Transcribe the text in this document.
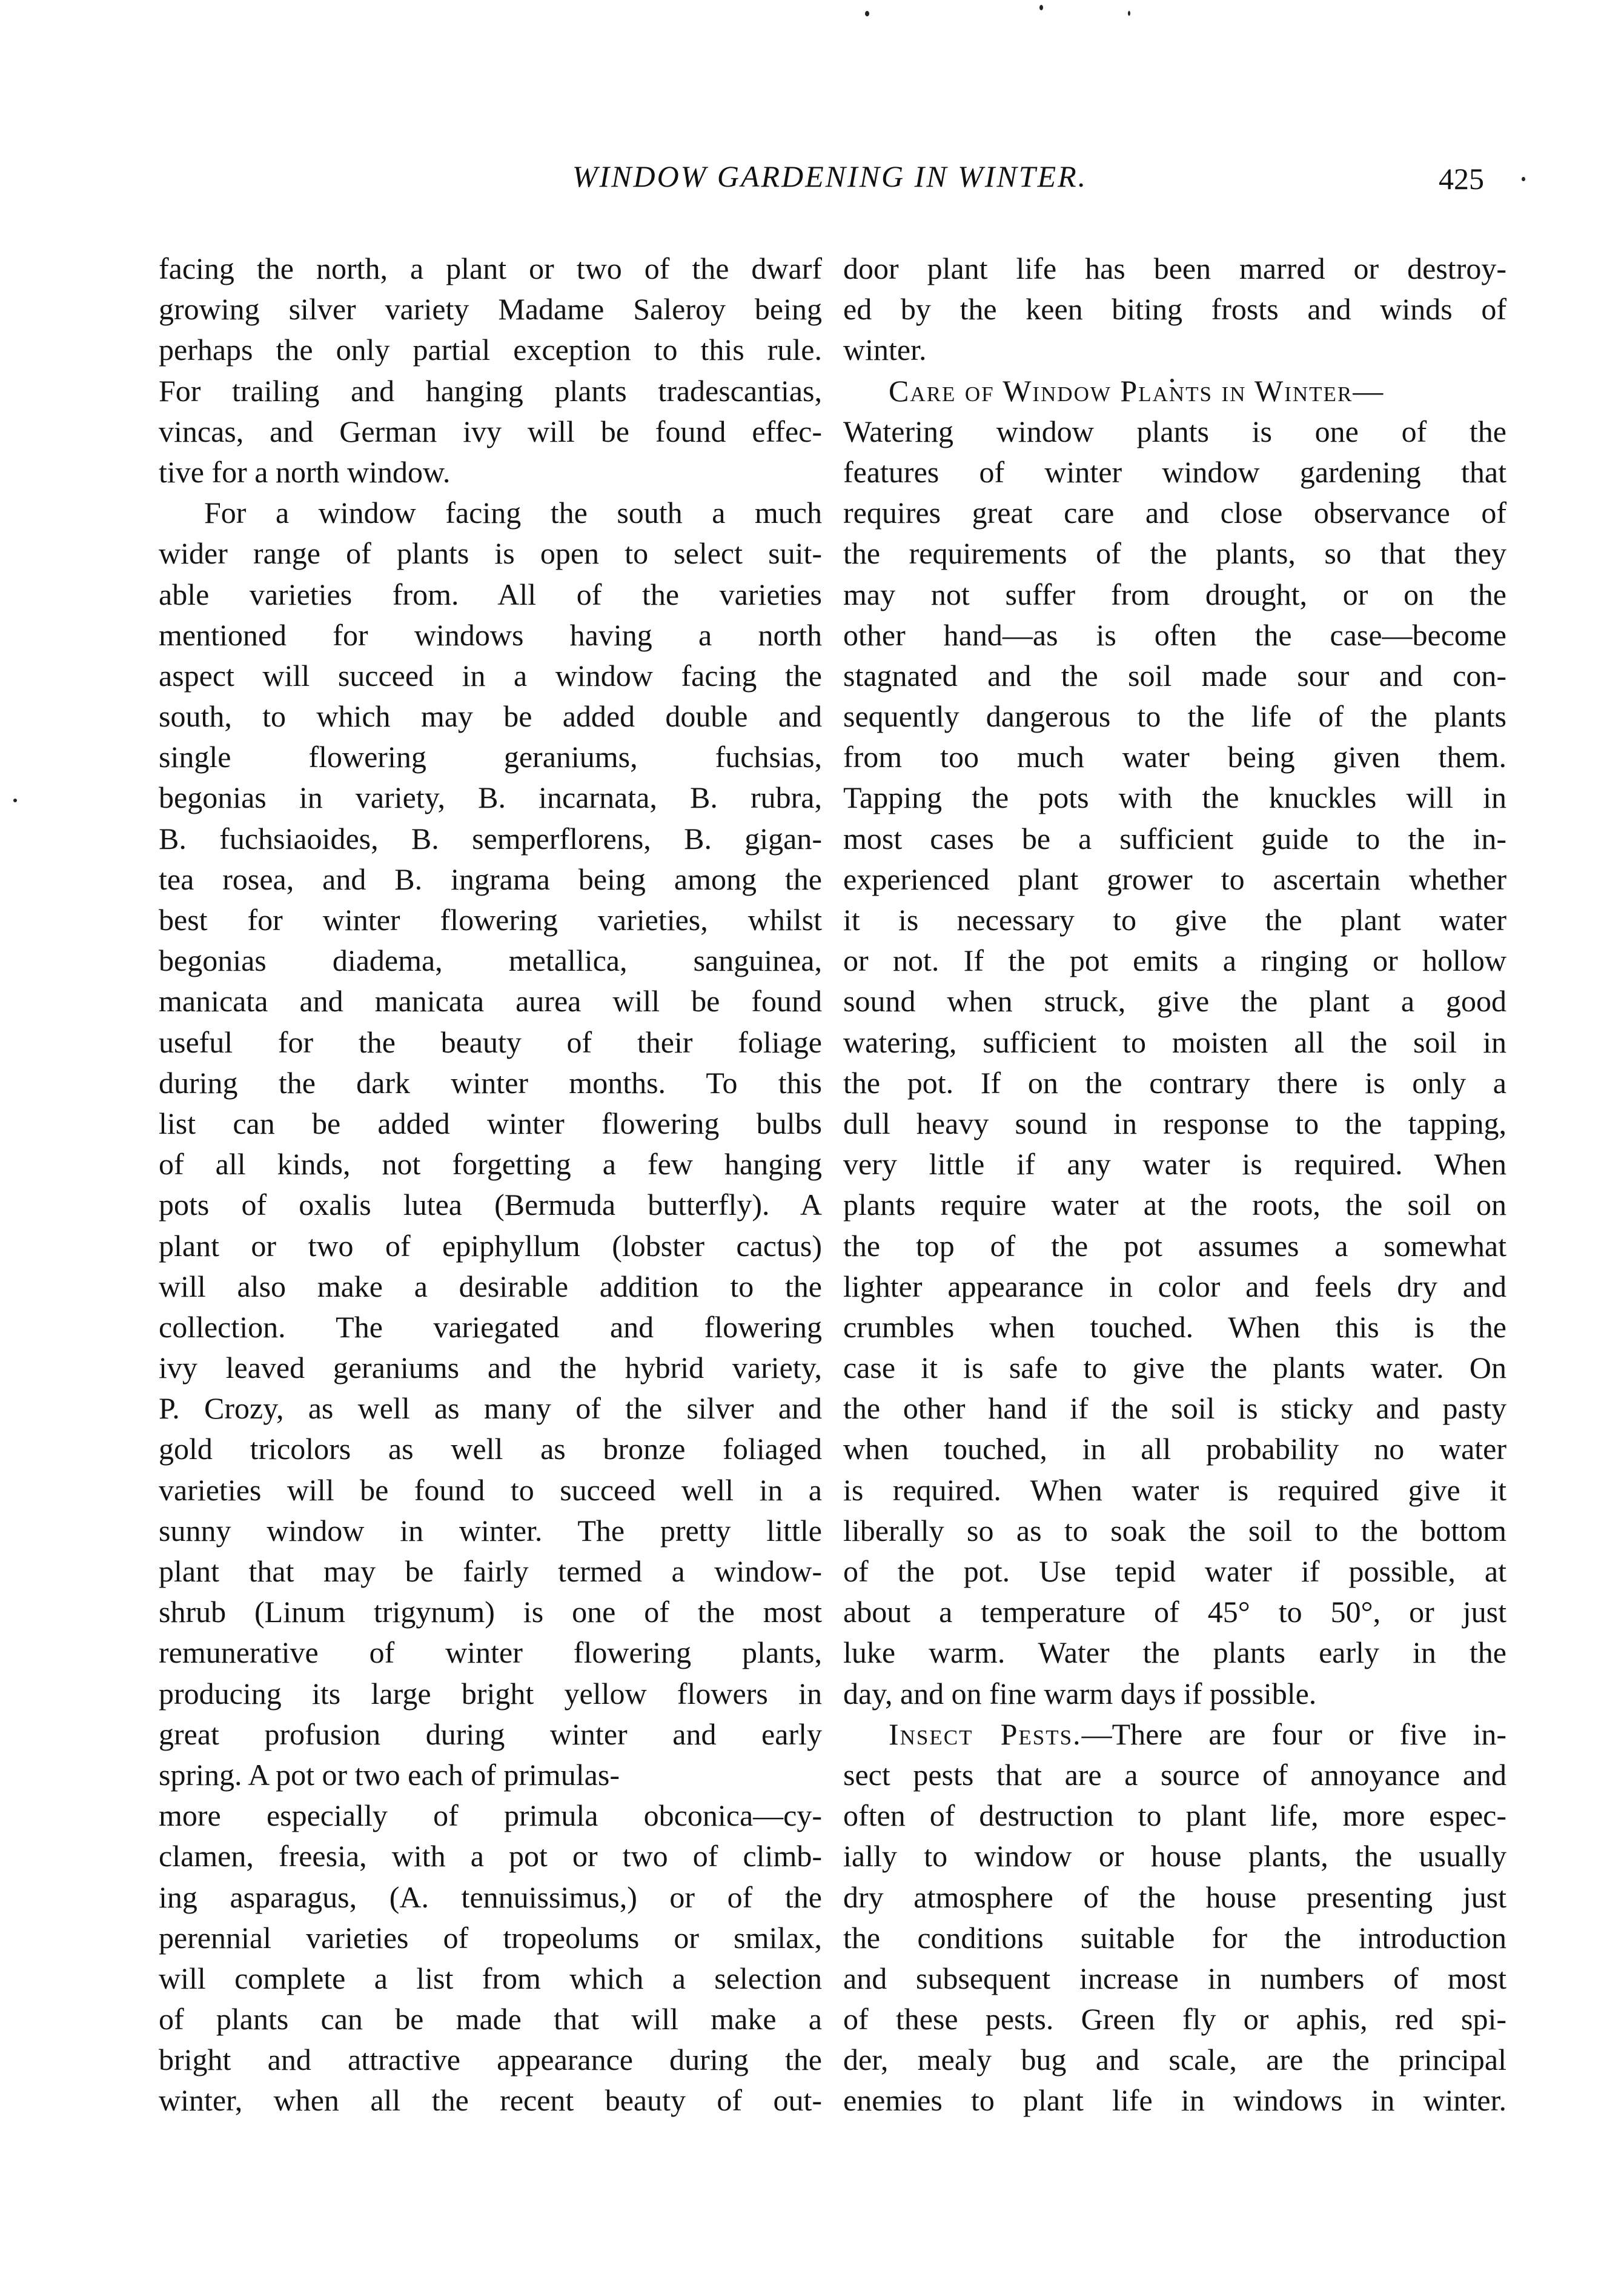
WINDOW GARDENING IN WINTER.	425
facing the north, a plant or two of the dwarf
growing silver variety Madame Saleroy being
perhaps the only partial exception to this rule.
For trailing and hanging plants tradescantias,
vincas, and German ivy will be found effec-
tive for a north window.
For a window facing the south a much
wider range of plants is open to select suit-
able varieties from. All of the varieties
mentioned for windows having a north
aspect will succeed in a window facing the
south, to which may be added double and
single flowering geraniums, fuchsias,
begonias in variety, B. incarnata, B. rubra,
B. fuchsiaoides, B. semperflorens, B. gigan-
tea rosea, and B. ingrama being among the
best for winter flowering varieties, whilst
begonias diadema, metallica, sanguinea,
manicata and manicata aurea will be found
useful for the beauty of their foliage
during the dark winter months. To this
list can be added winter flowering bulbs
of all kinds, not forgetting a few hanging
pots of oxalis lutea (Bermuda butterfly). A
plant or two of epiphyllum (lobster cactus)
will also make a desirable addition to the
collection. The variegated and flowering
ivy leaved geraniums and the hybrid variety,
P. Crozy, as well as many of the silver and
gold tricolors as well as bronze foliaged
varieties will be found to succeed well in a
sunny window in winter. The pretty little
plant that may be fairly termed a window-
shrub (Linum trigynum) is one of the most
remunerative of winter flowering plants,
producing its large bright yellow flowers in
great profusion during winter and early
spring. A pot or two each of primulas-
more especially of primula obconica—cy-
clamen, freesia, with a pot or two of climb-
ing asparagus, (A. tennuissimus,) or of the
perennial varieties of tropeolums or smilax,
will complete a list from which a selection
of plants can be made that will make a
bright and attractive appearance during the
winter, when all the recent beauty of out-
door plant life has been marred or destroy-
ed by the keen biting frosts and winds of
winter.
Care of Window Plants in Winter—
Watering window plants is one of the
features of winter window gardening that
requires great care and close observance of
the requirements of the plants, so that they
may not suffer from drought, or on the
other hand—as is often the case—become
stagnated and the soil made sour and con-
sequently dangerous to the life of the plants
from too much water being given them.
Tapping the pots with the knuckles will in
most cases be a sufficient guide to the in-
experienced plant grower to ascertain whether
it is necessary to give the plant water
or not. If the pot emits a ringing or hollow
sound when struck, give the plant a good
watering, sufficient to moisten all the soil in
the pot. If on the contrary there is only a
dull heavy sound in response to the tapping,
very little if any water is required. When
plants require water at the roots, the soil on
the top of the pot assumes a somewhat
lighter appearance in color and feels dry and
crumbles when touched. When this is the
case it is safe to give the plants water. On
the other hand if the soil is sticky and pasty
when touched, in all probability no water
is required. When water is required give it
liberally so as to soak the soil to the bottom
of the pot. Use tepid water if possible, at
about a temperature of 45° to 50°, or just
luke warm. Water the plants early in the
day, and on fine warm days if possible.
Insect Pests.—There are four or five in-
sect pests that are a source of annoyance and
often of destruction to plant life, more espec-
ially to window or house plants, the usually
dry atmosphere of the house presenting just
the conditions suitable for the introduction
and subsequent increase in numbers of most
of these pests. Green fly or aphis, red spi-
der, mealy bug and scale, are the principal
enemies to plant life in windows in winter.
